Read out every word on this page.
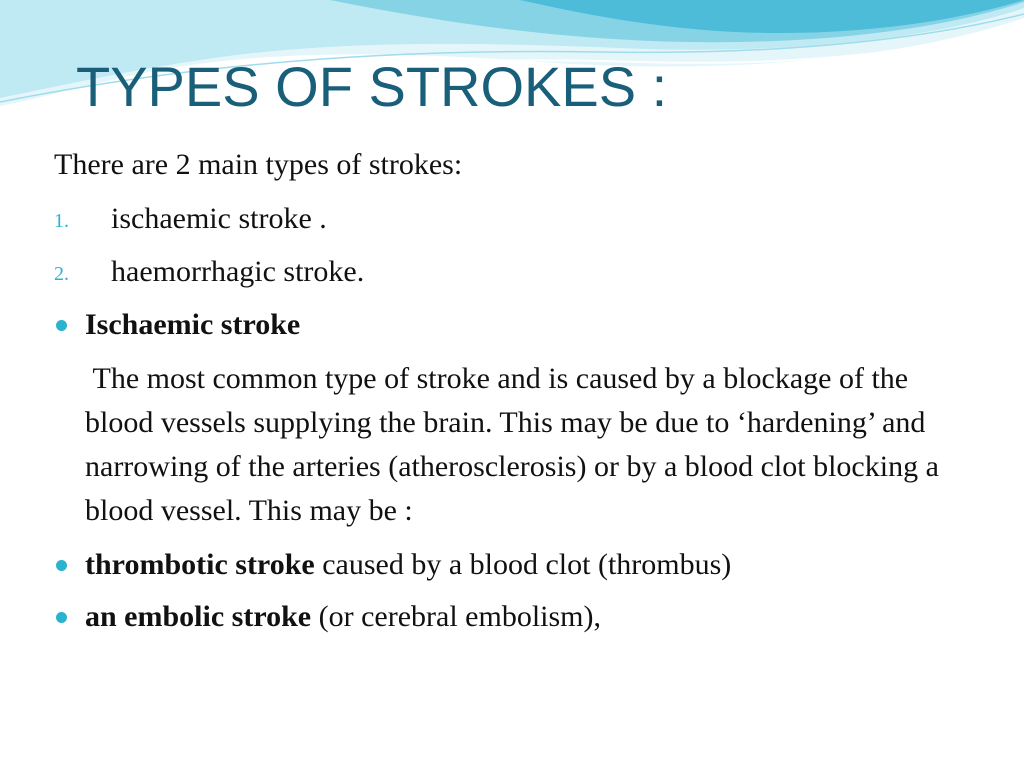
TYPES OF STROKES :

There are 2 main types of strokes:

1. ischaemic stroke .
2. haemorrhagic stroke.
Ischaemic stroke

The most common type of stroke and is caused by a blockage of the blood vessels supplying the brain. This may be due to ‘hardening’ and narrowing of the arteries (atherosclerosis) or by a blood clot blocking a blood vessel. This may be :

thrombotic stroke caused by a blood clot (thrombus)
an embolic stroke (or cerebral embolism),
